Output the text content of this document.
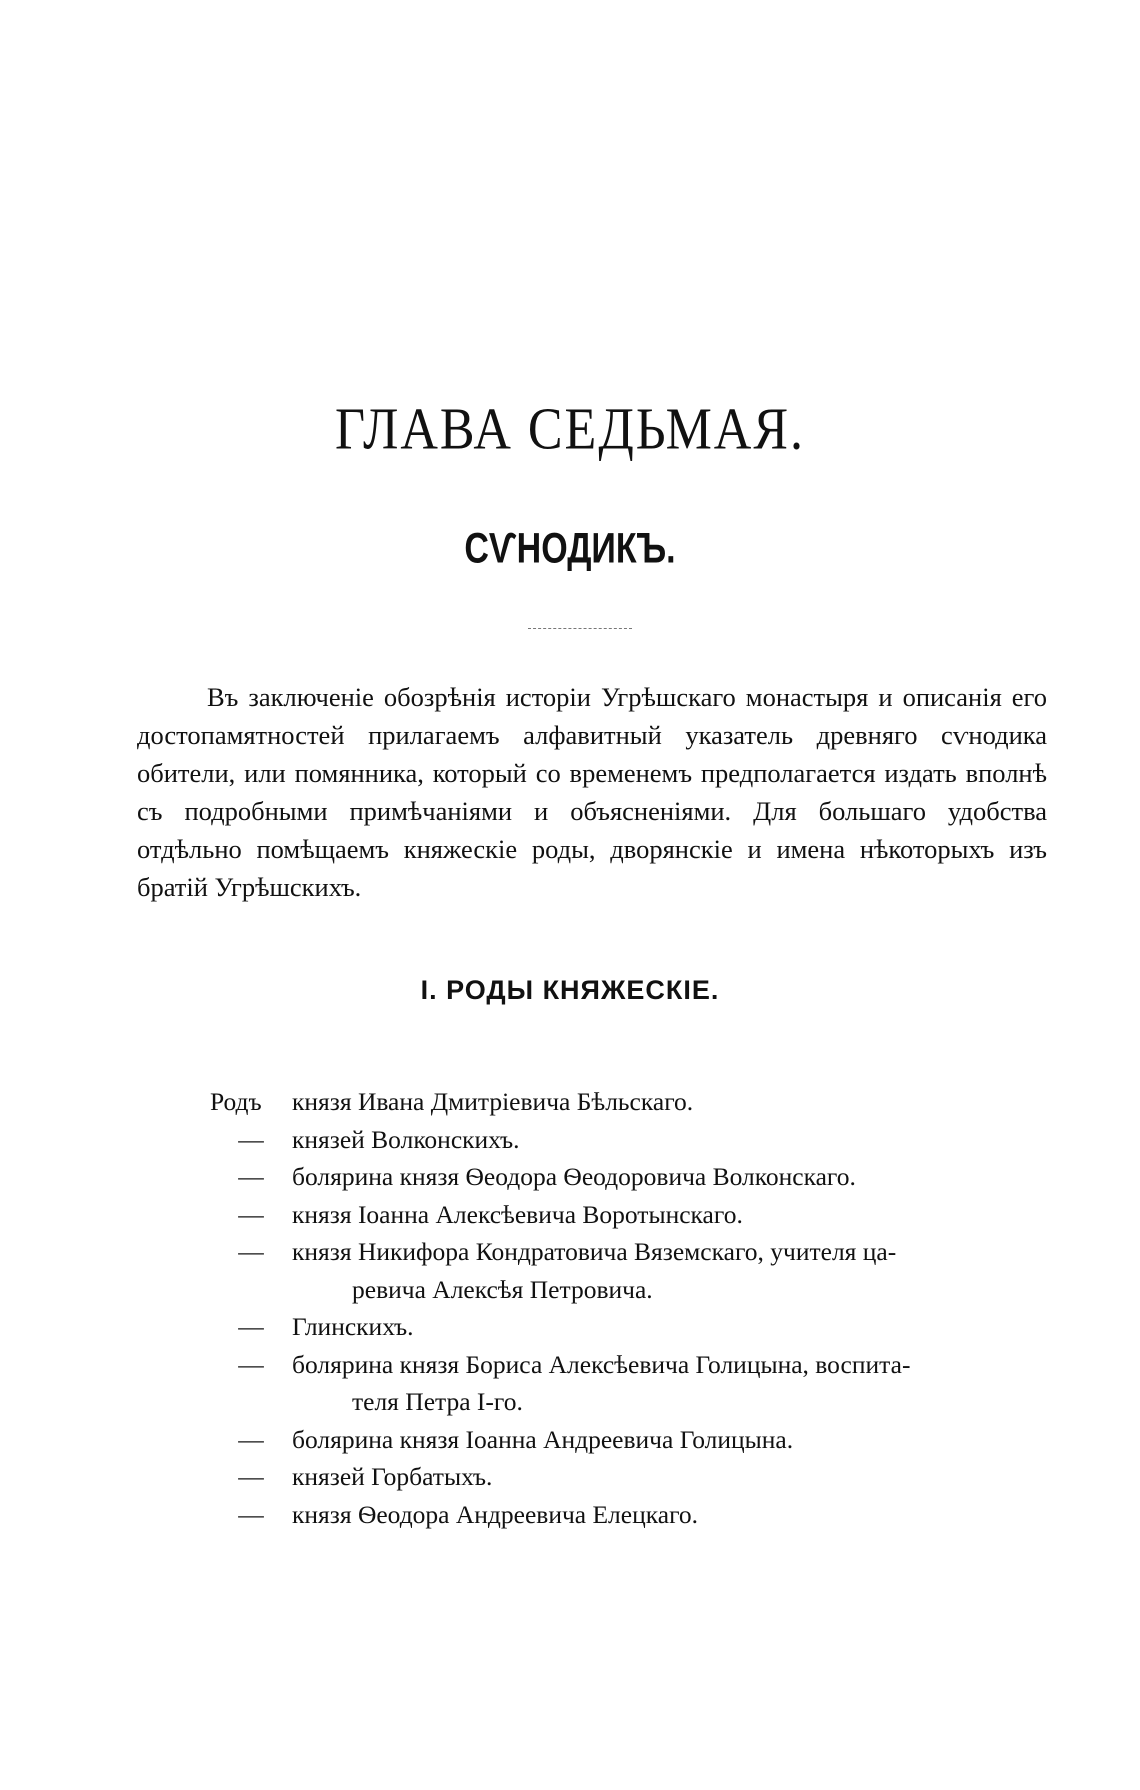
ГЛАВА СЕДЬМАЯ.
СѴНОДИКЪ.

Въ заключеніе обозрѣнія исторіи Угрѣшскаго монастыря и описанія его достопамятностей прилагаемъ алфавитный указатель древняго сѵнодика обители, или помянника, который со временемъ предполагается издать вполнѣ съ подробными примѣчаніями и объясненіями. Для большаго удобства отдѣльно помѣщаемъ княжескіе роды, дворянскіе и имена нѣкоторыхъ изъ братій Угрѣшскихъ.

I. РОДЫ КНЯЖЕСКІЕ.
Родъ князя Ивана Дмитріевича Бѣльскаго.
— князей Волконскихъ.
— болярина князя Ѳеодора Ѳеодоровича Волконскаго.
— князя Іоанна Алексѣевича Воротынскаго.
— князя Никифора Кондратовича Вяземскаго, учителя ца-
ревича Алексѣя Петровича.
— Глинскихъ.
— болярина князя Бориса Алексѣевича Голицына, воспита-
теля Петра І-го.
— болярина князя Іоанна Андреевича Голицына.
— князей Горбатыхъ.
— князя Ѳеодора Андреевича Елецкаго.
